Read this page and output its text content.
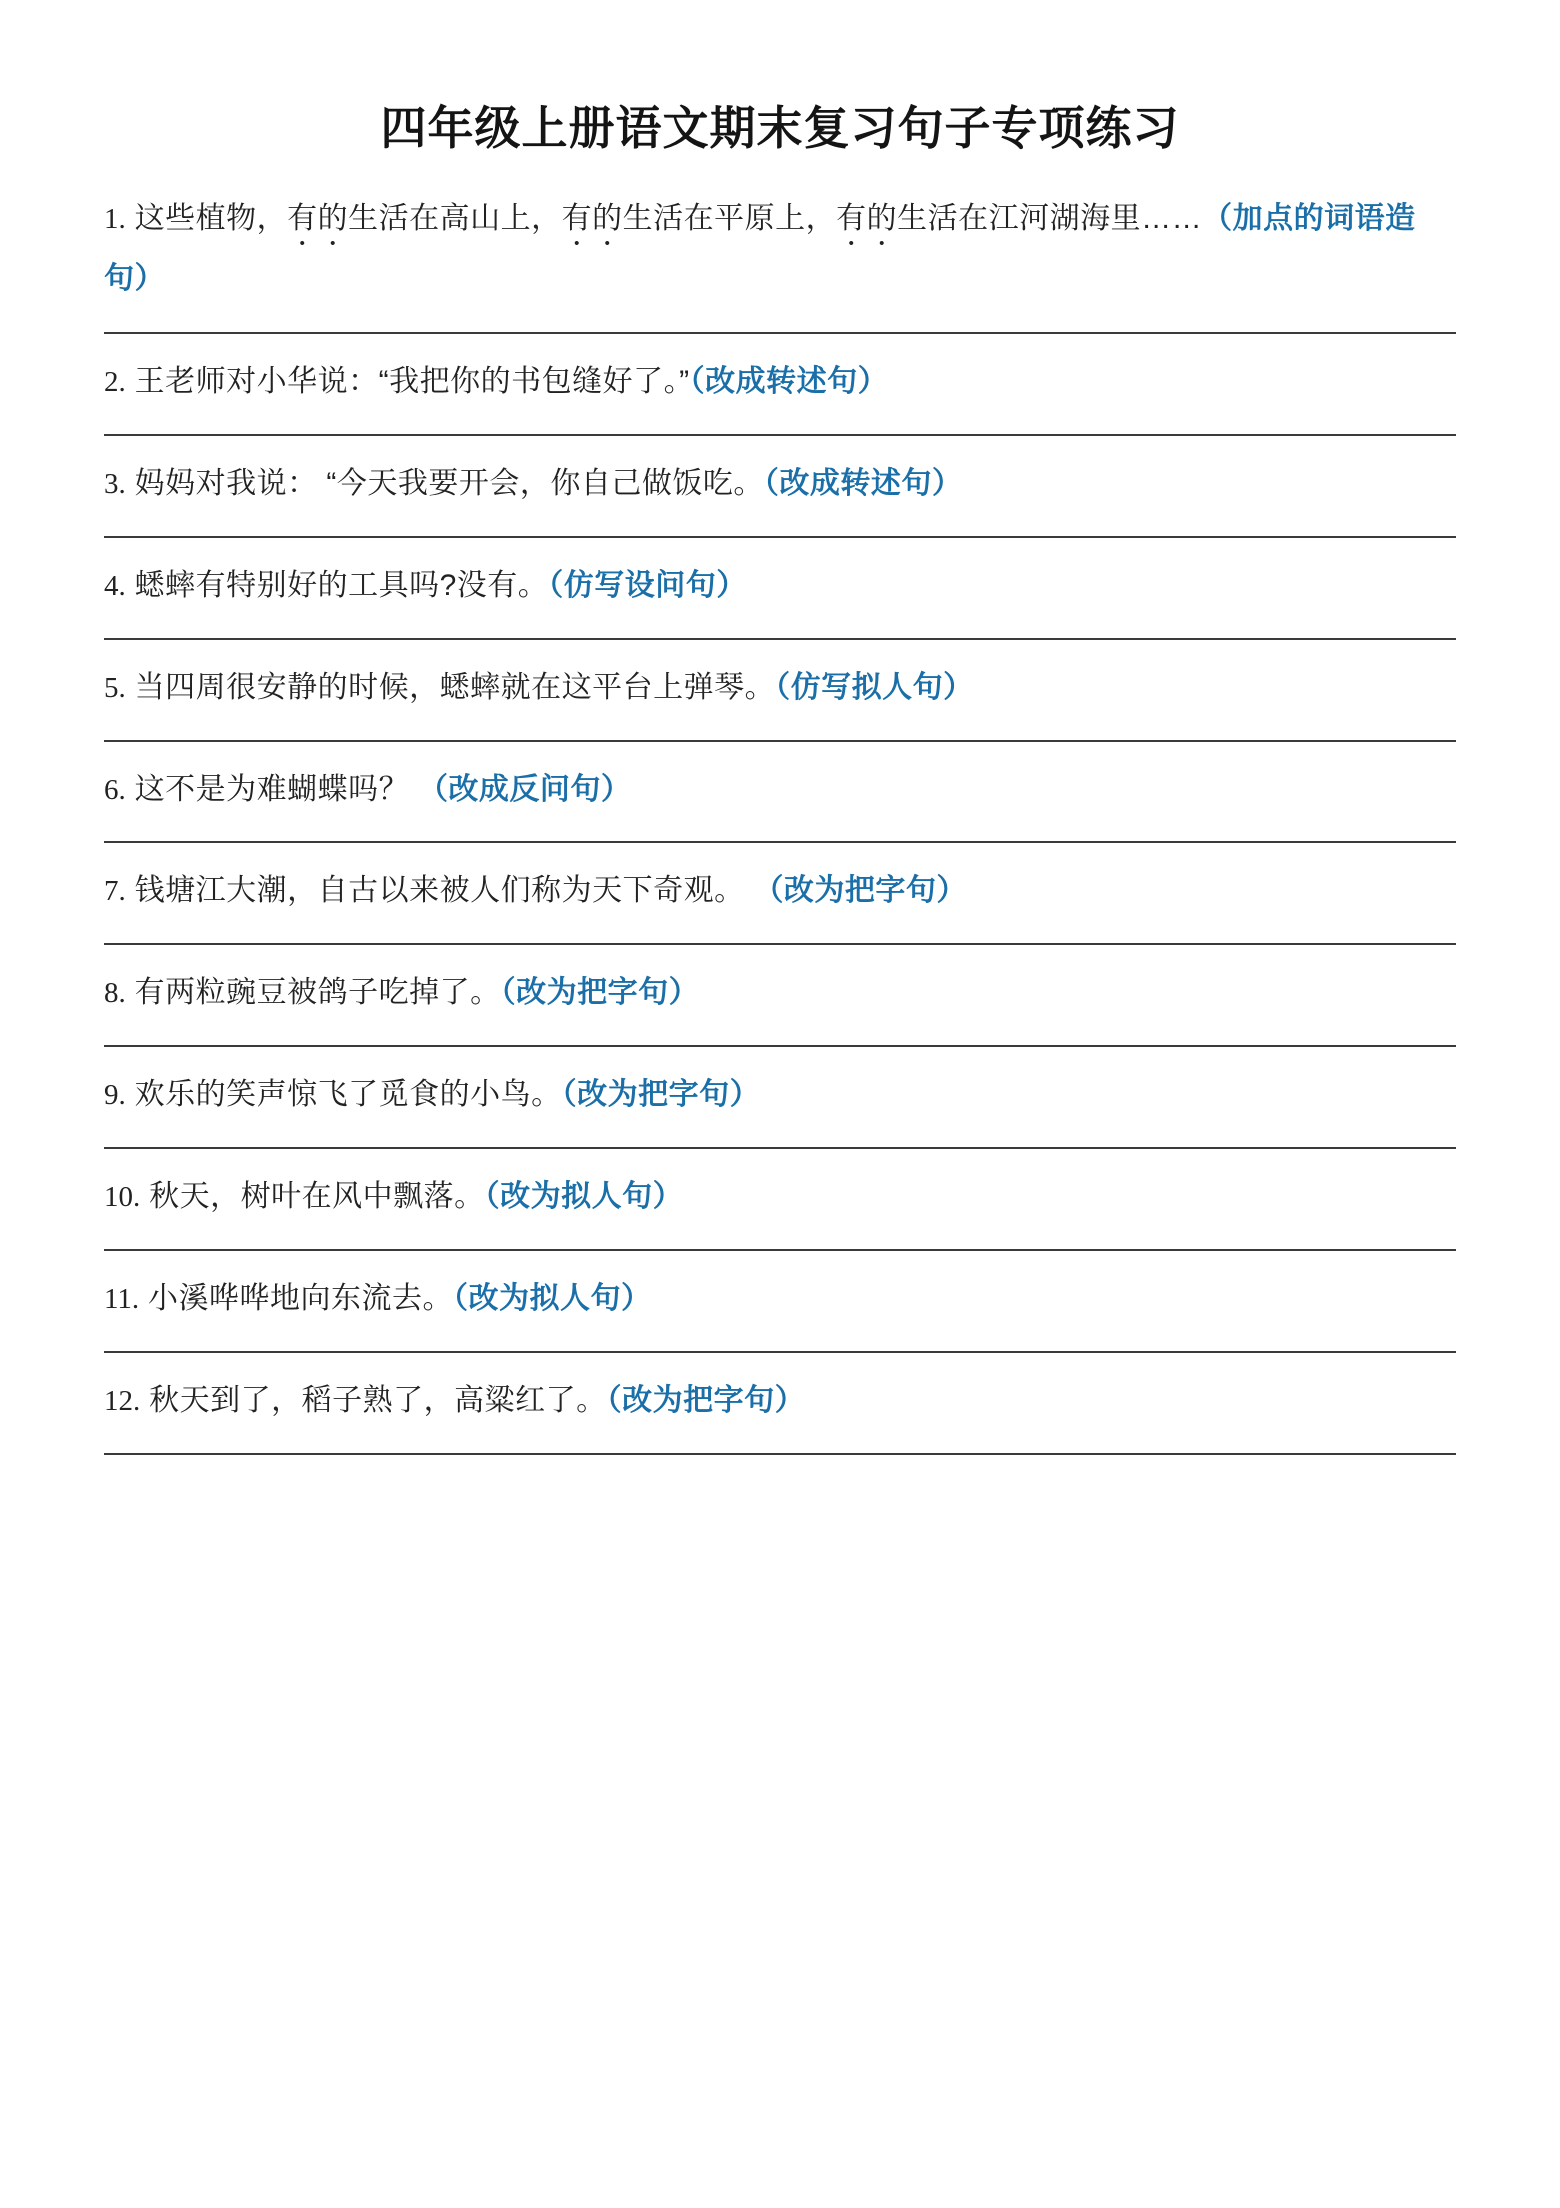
四年级上册语文期末复习句子专项练习
1. 这些植物，有的生活在高山上，有的生活在平原上，有的生活在江河湖海里……（加点的词语造句）
2. 王老师对小华说：“我把你的书包缝好了。”（改成转述句）
3. 妈妈对我说： “今天我要开会，你自己做饭吃。（改成转述句）
4. 蟋蟀有特别好的工具吗?没有。（仿写设问句）
5. 当四周很安静的时候，蟋蟀就在这平台上弹琴。（仿写拟人句）
6. 这不是为难蝴蝶吗？ （改成反问句）
7. 钱塘江大潮，自古以来被人们称为天下奇观。 （改为把字句）
8. 有两粒豌豆被鸽子吃掉了。（改为把字句）
9. 欢乐的笑声惊飞了觅食的小鸟。（改为把字句）
10. 秋天，树叶在风中飘落。（改为拟人句）
11. 小溪哗哗地向东流去。（改为拟人句）
12. 秋天到了，稻子熟了，高粱红了。（改为把字句）
